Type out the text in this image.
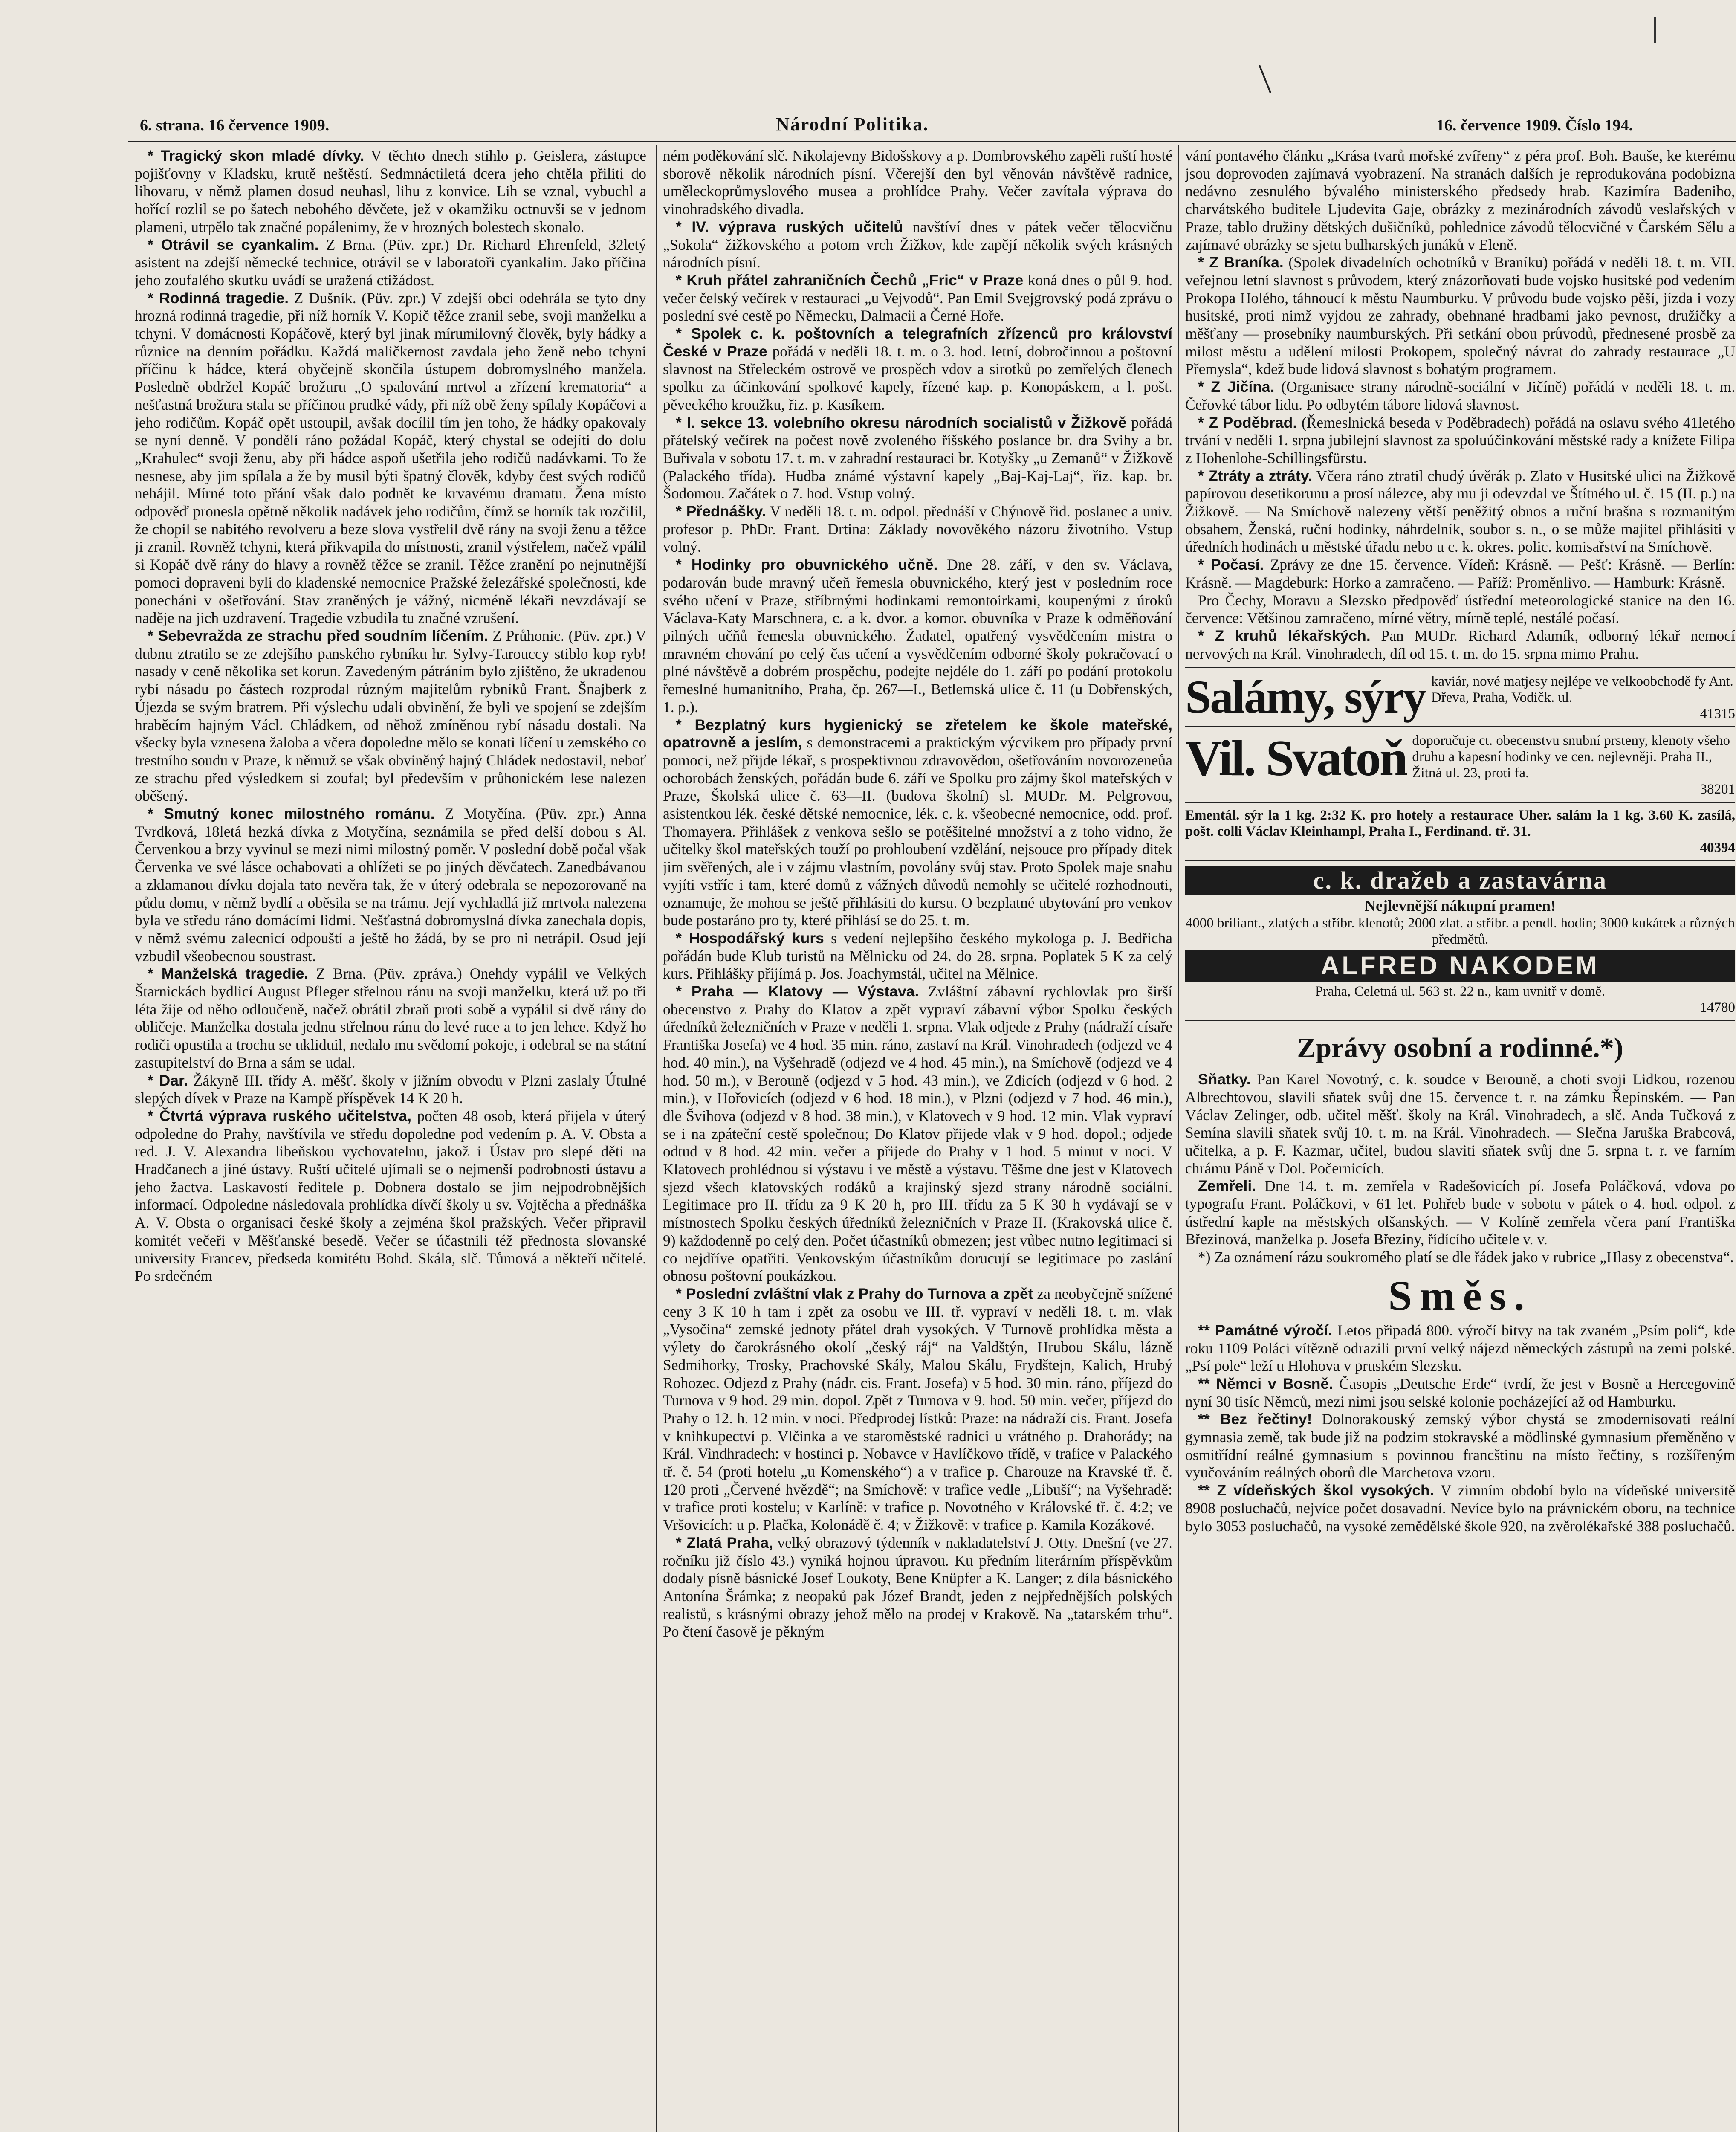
6. strana. 16 července 1909.	Národní Politika.	16. července 1909. Číslo 194.

* Tragický skon mladé dívky. V těchto dnech stihlo p. Geislera, zástupce pojišťovny v Kladsku, krutě neštěstí. Sedmnáctiletá dcera jeho chtěla přiliti do lihovaru, v němž plamen dosud neuhasl, lihu z konvice. Lih se vznal, vybuchl a hořící rozlil se po šatech nebohého děvčete, jež v okamžiku octnuvši se v jednom plameni, utrpělo tak značné popálenimy, že v hrozných bolestech skonalo.

* Otrávil se cyankalim. Z Brna. (Püv. zpr.) Dr. Richard Ehrenfeld, 32letý asistent na zdejší německé technice, otrávil se v laboratoři cyankalim. Jako příčina jeho zoufalého skutku uvádí se uražená ctižádost.

* Rodinná tragedie. Z Dušník. (Püv. zpr.) V zdejší obci odehrála se tyto dny hrozná rodinná tragedie, při níž horník V. Kopič těžce zranil sebe, svoji manželku a tchyni. V domácnosti Kopáčově, který byl jinak mírumilovný člověk, byly hádky a různice na denním pořádku. Každá maličkernost zavdala jeho ženě nebo tchyni příčinu k hádce, která obyčejně skončila ústupem dobromyslného manžela. Posledně obdržel Kopáč brožuru „O spalování mrtvol a zřízení krematoria“ a nešťastná brožura stala se příčinou prudké vády, při níž obě ženy spílaly Kopáčovi a jeho rodičům. Kopáč opět ustoupil, avšak docílil tím jen toho, že hádky opakovaly se nyní denně. V pondělí ráno požádal Kopáč, který chystal se odejíti do dolu „Krahulec“ svoji ženu, aby při hádce aspoň ušetřila jeho rodičů nadávkami. To že nesnese, aby jim spílala a že by musil býti špatný člověk, kdyby čest svých rodičů nehájil. Mírné toto přání však dalo podnět ke krvavému dramatu. Žena místo odpověď pronesla opětně několik nadávek jeho rodičům, čímž se horník tak rozčilil, že chopil se nabitého revolveru a beze slova vystřelil dvě rány na svoji ženu a těžce ji zranil. Rovněž tchyni, která přikvapila do místnosti, zranil výstřelem, načež vpálil si Kopáč dvě rány do hlavy a rovněž těžce se zranil. Těžce zranění po nejnutnější pomoci dopraveni byli do kladenské nemocnice Pražské železářské společnosti, kde ponecháni v ošetřování. Stav zraněných je vážný, nicméně lékaři nevzdávají se naděje na jich uzdravení. Tragedie vzbudila tu značné vzrušení.

* Sebevražda ze strachu před soudním líčením. Z Průhonic. (Püv. zpr.) V dubnu ztratilo se ze zdejšího panského rybníku hr. Sylvy-Tarouccy stiblo kop ryb! nasady v ceně několika set korun. Zavedeným pátráním bylo zjištěno, že ukradenou rybí násadu po částech rozprodal různým majitelům rybníků Frant. Šnajberk z Újezda se svým bratrem. Při výslechu udali obvinění, že byli ve spojení se zdejším hraběcím hajným Václ. Chládkem, od něhož zmíněnou rybí násadu dostali. Na všecky byla vznesena žaloba a včera dopoledne mělo se konati líčení u zemského co trestního soudu v Praze, k němuž se však obviněný hajný Chládek nedostavil, neboť ze strachu před výsledkem si zoufal; byl především v průhonickém lese nalezen oběšený.

* Smutný konec milostného románu. Z Motyčína. (Püv. zpr.) Anna Tvrdková, 18letá hezká dívka z Motyčína, seznámila se před delší dobou s Al. Červenkou a brzy vyvinul se mezi nimi milostný poměr. V poslední době počal však Červenka ve své lásce ochabovati a ohlížeti se po jiných děvčatech. Zanedbávanou a zklamanou dívku dojala tato nevěra tak, že v úterý odebrala se nepozorovaně na půdu domu, v němž bydlí a oběsila se na trámu. Její vychladlá již mrtvola nalezena byla ve středu ráno domácími lidmi. Nešťastná dobromyslná dívka zanechala dopis, v němž svému zalecnicí odpouští a ještě ho žádá, by se pro ni netrápil. Osud její vzbudil všeobecnou soustrast.

* Manželská tragedie. Z Brna. (Püv. zpráva.) Onehdy vypálil ve Velkých Štarnickách bydlicí August Pfleger střelnou ránu na svoji manželku, která už po tři léta žije od něho odloučeně, načež obrátil zbraň proti sobě a vypálil si dvě rány do obličeje. Manželka dostala jednu střelnou ránu do levé ruce a to jen lehce. Když ho rodiči opustila a trochu se ukliduil, nedalo mu svědomí pokoje, i odebral se na státní zastupitelství do Brna a sám se udal.

* Dar. Žákyně III. třídy A. měšť. školy v jižním obvodu v Plzni zaslaly Útulné slepých dívek v Praze na Kampě příspěvek 14 K 20 h.

* Čtvrtá výprava ruského učitelstva, počten 48 osob, která přijela v úterý odpoledne do Prahy, navštívila ve středu dopoledne pod vedením p. A. V. Obsta a red. J. V. Alexandra libeňskou vychovatelnu, jakož i Ústav pro slepé děti na Hradčanech a jiné ústavy. Ruští učitelé ujímali se o nejmenší podrobnosti ústavu a jeho žactva. Laskavostí ředitele p. Dobnera dostalo se jim nejpodrobnějších informací. Odpoledne následovala prohlídka dívčí školy u sv. Vojtěcha a přednáška A. V. Obsta o organisaci české školy a zejména škol pražských. Večer připravil komitét večeři v Měšťanské besedě. Večer se účastnili též přednosta slovanské university Francev, předseda komitétu Bohd. Skála, slč. Tůmová a někteří učitelé. Po srdečném

ném poděkování slč. Nikolajevny Bidošskovy a p. Dombrovského zapěli ruští hosté sborově několik národních písní. Včerejší den byl věnován návštěvě radnice, uměleckoprůmyslového musea a prohlídce Prahy. Večer zavítala výprava do vinohradského divadla.

* IV. výprava ruských učitelů navštíví dnes v pátek večer tělocvičnu „Sokola“ žižkovského a potom vrch Žižkov, kde zapějí několik svých krásných národních písní.

* Kruh přátel zahraničních Čechů „Fric“ v Praze koná dnes o půl 9. hod. večer čelský večírek v restauraci „u Vejvodů“. Pan Emil Svejgrovský podá zprávu o poslední své cestě po Německu, Dalmacii a Černé Hoře.

* Spolek c. k. poštovních a telegrafních zřízenců pro království České v Praze pořádá v neděli 18. t. m. o 3. hod. letní, dobročinnou a poštovní slavnost na Střeleckém ostrově ve prospěch vdov a sirotků po zemřelých členech spolku za účinkování spolkové kapely, řízené kap. p. Konopáskem, a l. pošt. pěveckého kroužku, řiz. p. Kasíkem.

* I. sekce 13. volebního okresu národních socialistů v Žižkově pořádá přátelský večírek na počest nově zvoleného říšského poslance br. dra Svihy a br. Buřivala v sobotu 17. t. m. v zahradní restauraci br. Kotyšky „u Zemanů“ v Žižkově (Palackého třída). Hudba známé výstavní kapely „Baj-Kaj-Laj“, řiz. kap. br. Šodomou. Začátek o 7. hod. Vstup volný.

* Přednášky. V neděli 18. t. m. odpol. přednáší v Chýnově řid. poslanec a univ. profesor p. PhDr. Frant. Drtina: Základy novověkého názoru životního. Vstup volný.

* Hodinky pro obuvnického učně. Dne 28. září, v den sv. Václava, podarován bude mravný učeň řemesla obuvnického, který jest v posledním roce svého učení v Praze, stříbrnými hodinkami remontoirkami, koupenými z úroků Václava-Katy Marschnera, c. a k. dvor. a komor. obuvníka v Praze k odměňování pilných učňů řemesla obuvnického. Žadatel, opatřený vysvědčením mistra o mravném chování po celý čas učení a vysvědčením odborné školy pokračovací o plné návštěvě a dobrém prospěchu, podejte nejdéle do 1. září po podání protokolu řemeslné humanitního, Praha, čp. 267—I., Betlemská ulice č. 11 (u Dobřenských, 1. p.).

* Bezplatný kurs hygienický se zřetelem ke škole mateřské, opatrovně a jeslím, s demonstracemi a praktickým výcvikem pro případy první pomoci, než přijde lékař, s prospektivnou zdravovědou, ošetřováním novorozeneůa ochorobách ženských, pořádán bude 6. září ve Spolku pro zájmy škol mateřských v Praze, Školská ulice č. 63—II. (budova školní) sl. MUDr. M. Pelgrovou, asistentkou lék. české dětské nemocnice, lék. c. k. všeobecné nemocnice, odd. prof. Thomayera. Přihlášek z venkova sešlo se potěšitelné množství a z toho vidno, že učitelky škol mateřských touží po prohloubení vzdělání, nejsouce pro případy ditek jim svěřených, ale i v zájmu vlastním, povolány svůj stav. Proto Spolek maje snahu vyjíti vstříc i tam, které domů z vážných důvodů nemohly se učitelé rozhodnouti, oznamuje, že mohou se ještě přihlásiti do kursu. O bezplatné ubytování pro venkov bude postaráno pro ty, které přihlásí se do 25. t. m.

* Hospodářský kurs s vedení nejlepšího českého mykologa p. J. Bedřicha pořádán bude Klub turistů na Mělnicku od 24. do 28. srpna. Poplatek 5 K za celý kurs. Přihlášky přijímá p. Jos. Joachymstál, učitel na Mělnice.

* Praha — Klatovy — Výstava. Zvláštní zábavní rychlovlak pro širší obecenstvo z Prahy do Klatov a zpět vypraví zábavní výbor Spolku českých úředníků železničních v Praze v neděli 1. srpna. Vlak odjede z Prahy (nádraží císaře Františka Josefa) ve 4 hod. 35 min. ráno, zastaví na Král. Vinohradech (odjezd ve 4 hod. 40 min.), na Vyšehradě (odjezd ve 4 hod. 45 min.), na Smíchově (odjezd ve 4 hod. 50 m.), v Berouně (odjezd v 5 hod. 43 min.), ve Zdicích (odjezd v 6 hod. 2 min.), v Hořovicích (odjezd v 6 hod. 18 min.), v Plzni (odjezd v 7 hod. 46 min.), dle Švihova (odjezd v 8 hod. 38 min.), v Klatovech v 9 hod. 12 min. Vlak vypraví se i na zpáteční cestě společnou; Do Klatov přijede vlak v 9 hod. dopol.; odjede odtud v 8 hod. 42 min. večer a přijede do Prahy v 1 hod. 5 minut v noci. V Klatovech prohlédnou si výstavu i ve městě a výstavu. Těšme dne jest v Klatovech sjezd všech klatovských rodáků a krajinský sjezd strany národně sociální. Legitimace pro II. třídu za 9 K 20 h, pro III. třídu za 5 K 30 h vydávají se v místnostech Spolku českých úředníků železničních v Praze II. (Krakovská ulice č. 9) každodenně po celý den. Počet účastníků obmezen; jest vůbec nutno legitimaci si co nejdříve opatřiti. Venkovským účastníkům dorucují se legitimace po zaslání obnosu poštovní poukázkou.

* Poslední zvláštní vlak z Prahy do Turnova a zpět za neobyčejně snížené ceny 3 K 10 h tam i zpět za osobu ve III. tř. vypraví v neděli 18. t. m. vlak „Vysočina“ zemské jednoty přátel drah vysokých. V Turnově prohlídka města a výlety do čarokrásného okolí „český ráj“ na Valdštýn, Hrubou Skálu, lázně Sedmihorky, Trosky, Prachovské Skály, Malou Skálu, Frydštejn, Kalich, Hrubý Rohozec. Odjezd z Prahy (nádr. cis. Frant. Josefa) v 5 hod. 30 min. ráno, příjezd do Turnova v 9 hod. 29 min. dopol. Zpět z Turnova v 9. hod. 50 min. večer, příjezd do Prahy o 12. h. 12 min. v noci. Předprodej lístků: Praze: na nádraží cis. Frant. Josefa v knihkupectví p. Vlčinka a ve staroměstské radnici u vrátného p. Drahorády; na Král. Vindhradech: v hostinci p. Nobavce v Havlíčkovo třídě, v trafice v Palackého tř. č. 54 (proti hotelu „u Komenského“) a v trafice p. Charouze na Kravské tř. č. 120 proti „Červené hvězdě“; na Smíchově: v trafice vedle „Libuší“; na Vyšehradě: v trafice proti kostelu; v Karlíně: v trafice p. Novotného v Královské tř. č. 4:2; ve Vršovicích: u p. Plačka, Kolonádě č. 4; v Žižkově: v trafice p. Kamila Kozákové.

* Zlatá Praha, velký obrazový týdenník v nakladatelství J. Otty. Dnešní (ve 27. ročníku již číslo 43.) vyniká hojnou úpravou. Ku předním literárním příspěvkům dodaly písně básnické Josef Loukoty, Bene Knüpfer a K. Langer; z díla básnického Antonína Šrámka; z neopaků pak Józef Brandt, jeden z nejpřednějších polských realistů, s krásnými obrazy jehož mělo na prodej v Krakově. Na „tatarském trhu“. Po čtení časově je pěkným

vání pontavého článku „Krása tvarů mořské zvířeny“ z péra prof. Boh. Bauše, ke kterému jsou doprovoden zajímavá vyobrazení. Na stranách dalších je reprodukována podobizna nedávno zesnulého bývalého ministerského předsedy hrab. Kazimíra Badeniho, charvátského buditele Ljudevita Gaje, obrázky z mezinárodních závodů veslařských v Praze, tablo družiny dětských dušičníků, pohlednice závodů tělocvičné v Čarském Sělu a zajímavé obrázky se sjetu bulharských junáků v Eleně.

* Z Braníka. (Spolek divadelních ochotníků v Braníku) pořádá v neděli 18. t. m. VII. veřejnou letní slavnost s průvodem, který znázorňovati bude vojsko husitské pod vedením Prokopa Holého, táhnoucí k městu Naumburku. V průvodu bude vojsko pěší, jízda i vozy husitské, proti nimž vyjdou ze zahrady, obehnané hradbami jako pevnost, družičky a měšťany — prosebníky naumburských. Při setkání obou průvodů, přednesené prosbě za milost městu a udělení milosti Prokopem, společný návrat do zahrady restaurace „U Přemysla“, kdež bude lidová slavnost s bohatým programem.

* Z Jičína. (Organisace strany národně-sociální v Jičíně) pořádá v neděli 18. t. m. Čeřovké tábor lidu. Po odbytém tábore lidová slavnost.

* Z Poděbrad. (Řemeslnická beseda v Poděbradech) pořádá na oslavu svého 41letého trvání v neděli 1. srpna jubilejní slavnost za spoluúčinkování městské rady a knížete Filipa z Hohenlohe-Schillingsfürstu.

* Ztráty a ztráty. Včera ráno ztratil chudý úvěrák p. Zlato v Husitské ulici na Žižkově papírovou desetikorunu a prosí nálezce, aby mu ji odevzdal ve Štítného ul. č. 15 (II. p.) na Žižkově. — Na Smíchově nalezeny větší peněžitý obnos a ruční brašna s rozmanitým obsahem, Ženská, ruční hodinky, náhrdelník, soubor s. n., o se může majitel přihlásiti v úředních hodinách u městské úřadu nebo u c. k. okres. polic. komisařství na Smíchově.

* Počasí. Zprávy ze dne 15. července. Vídeň: Krásně. — Pešť: Krásně. — Berlín: Krásně. — Magdeburk: Horko a zamračeno. — Paříž: Proměnlivo. — Hamburk: Krásně.

Pro Čechy, Moravu a Slezsko předpověď ústřední meteorologické stanice na den 16. července: Většinou zamračeno, mírné větry, mírně teplé, nestálé počasí.

* Z kruhů lékařských. Pan MUDr. Richard Adamík, odborný lékař nemocí nervových na Král. Vinohradech, díl od 15. t. m. do 15. srpna mimo Prahu.

Salámy, sýry kaviár, nové matjesy nejlépe ve velkoobchodě fy Ant. Dřeva, Praha, Vodičk. ul.
41315
Vil. Svatoň doporučuje ct. obecenstvu snubní prsteny, klenoty všeho druhu a kapesní hodinky ve cen. nejlevněji. Praha II., Žitná ul. 23, proti fa.
38201
Ementál. sýr la 1 kg. 2:32 K. pro hotely a restaurace Uher. salám la 1 kg. 3.60 K. zasílá, pošt. colli Václav Kleinhampl, Praha I., Ferdinand. tř. 31.
40394
c. k. dražeb a zastavárna
Nejlevnější nákupní pramen!
4000 briliant., zlatých a stříbr. klenotů; 2000 zlat. a stříbr. a pendl. hodin; 3000 kukátek a různých předmětů.
ALFRED NAKODEM
Praha, Celetná ul. 563 st. 22 n., kam uvnitř v domě.
14780
Zprávy osobní a rodinné.*)

Sňatky. Pan Karel Novotný, c. k. soudce v Berouně, a choti svoji Lidkou, rozenou Albrechtovou, slavili sňatek svůj dne 15. července t. r. na zámku Řepínském. — Pan Václav Zelinger, odb. učitel měšť. školy na Král. Vinohradech, a slč. Anda Tučková z Semína slavili sňatek svůj 10. t. m. na Král. Vinohradech. — Slečna Jaruška Brabcová, učitelka, a p. F. Kazmar, učitel, budou slaviti sňatek svůj dne 5. srpna t. r. ve farním chrámu Páně v Dol. Počernicích.

Zemřeli. Dne 14. t. m. zemřela v Radešovicích pí. Josefa Poláčková, vdova po typografu Frant. Poláčkovi, v 61 let. Pohřeb bude v sobotu v pátek o 4. hod. odpol. z ústřední kaple na městských olšanských. — V Kolíně zemřela včera paní Františka Březinová, manželka p. Josefa Březiny, řídícího učitele v. v.

*) Za oznámení rázu soukromého platí se dle řádek jako v rubrice „Hlasy z obecenstva“.

Směs.

** Památné výročí. Letos připadá 800. výročí bitvy na tak zvaném „Psím poli“, kde roku 1109 Poláci vítězně odrazili první velký nájezd německých zástupů na zemi polské. „Psí pole“ leží u Hlohova v pruském Slezsku.

** Němci v Bosně. Časopis „Deutsche Erde“ tvrdí, že jest v Bosně a Hercegovině nyní 30 tisíc Němců, mezi nimi jsou selské kolonie pocházející až od Hamburku.

** Bez řečtiny! Dolnorakouský zemský výbor chystá se zmodernisovati reální gymnasia země, tak bude již na podzim stokravské a mödlinské gymnasium přeměněno v osmitřídní reálné gymnasium s povinnou francštinu na místo řečtiny, s rozšířeným vyučováním reálných oborů dle Marchetova vzoru.

** Z vídeňských škol vysokých. V zimním období bylo na vídeňské universitě 8908 posluchačů, nejvíce počet dosavadní. Nevíce bylo na právnickém oboru, na technice bylo 3053 posluchačů, na vysoké zemědělské škole 920, na zvěrolékařské 388 posluchačů.
